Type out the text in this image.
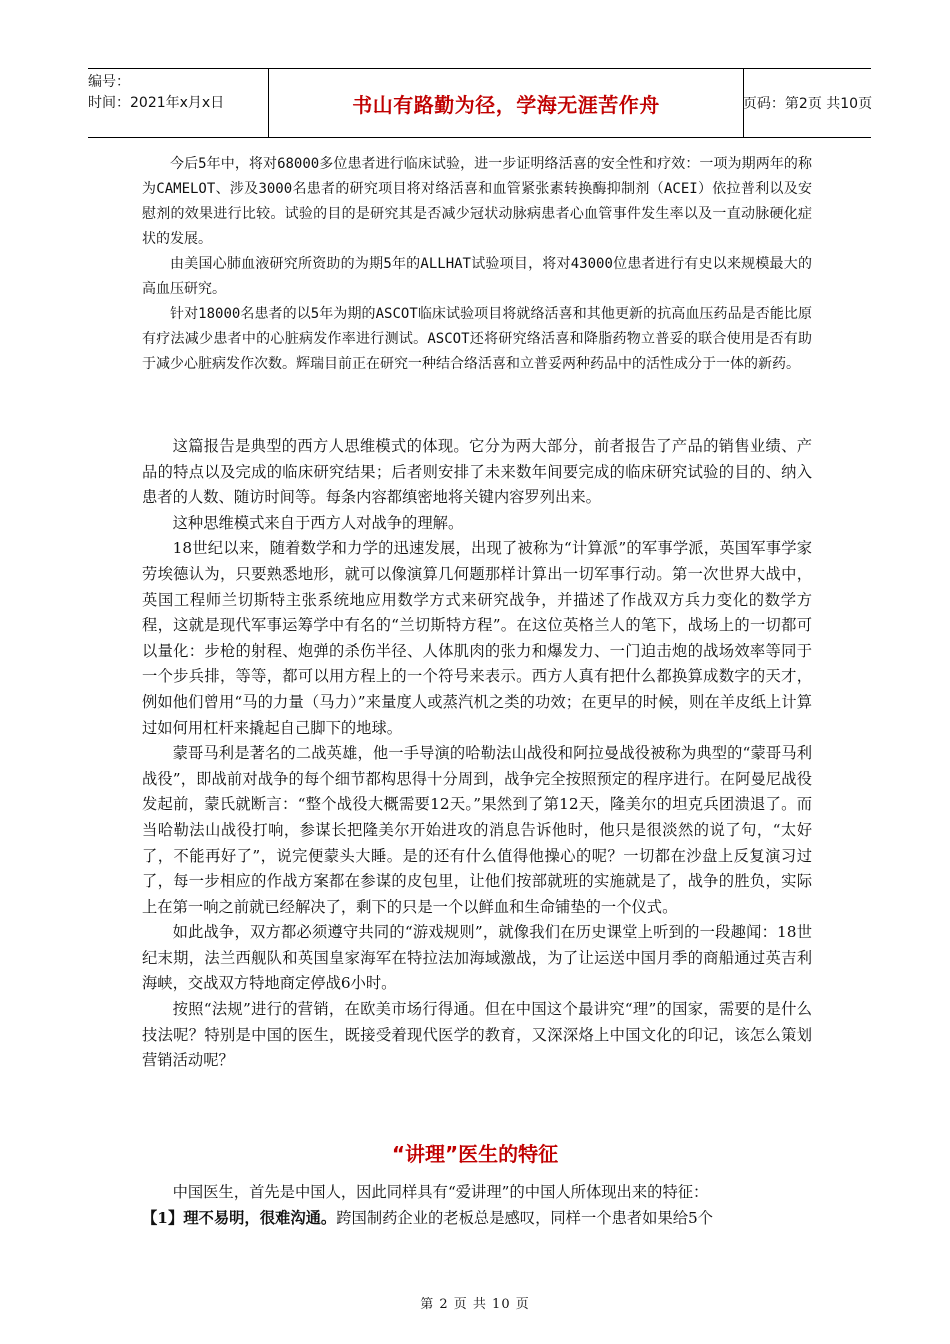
编号：
时间：2021年x月x日	书山有路勤为径，学海无涯苦作舟	页码：第2页 共10页

今后5年中，将对68000多位患者进行临床试验，进一步证明络活喜的安全性和疗效：一项为期两年的称为CAMELOT、涉及3000名患者的研究项目将对络活喜和血管紧张素转换酶抑制剂（ACEI）依拉普利以及安慰剂的效果进行比较。试验的目的是研究其是否减少冠状动脉病患者心血管事件发生率以及一直动脉硬化症状的发展。

由美国心肺血液研究所资助的为期5年的ALLHAT试验项目，将对43000位患者进行有史以来规模最大的高血压研究。

针对18000名患者的以5年为期的ASCOT临床试验项目将就络活喜和其他更新的抗高血压药品是否能比原有疗法减少患者中的心脏病发作率进行测试。ASCOT还将研究络活喜和降脂药物立普妥的联合使用是否有助于减少心脏病发作次数。辉瑞目前正在研究一种结合络活喜和立普妥两种药品中的活性成分于一体的新药。

这篇报告是典型的西方人思维模式的体现。它分为两大部分，前者报告了产品的销售业绩、产品的特点以及完成的临床研究结果；后者则安排了未来数年间要完成的临床研究试验的目的、纳入患者的人数、随访时间等。每条内容都缜密地将关键内容罗列出来。

这种思维模式来自于西方人对战争的理解。

18世纪以来，随着数学和力学的迅速发展，出现了被称为“计算派”的军事学派，英国军事学家劳埃德认为，只要熟悉地形，就可以像演算几何题那样计算出一切军事行动。第一次世界大战中，英国工程师兰切斯特主张系统地应用数学方式来研究战争，并描述了作战双方兵力变化的数学方程，这就是现代军事运筹学中有名的“兰切斯特方程”。在这位英格兰人的笔下，战场上的一切都可以量化：步枪的射程、炮弹的杀伤半径、人体肌肉的张力和爆发力、一门迫击炮的战场效率等同于一个步兵排，等等，都可以用方程上的一个符号来表示。西方人真有把什么都换算成数字的天才，例如他们曾用“马的力量（马力）”来量度人或蒸汽机之类的功效；在更早的时候，则在羊皮纸上计算过如何用杠杆来撬起自己脚下的地球。

蒙哥马利是著名的二战英雄，他一手导演的哈勒法山战役和阿拉曼战役被称为典型的“蒙哥马利战役”，即战前对战争的每个细节都构思得十分周到，战争完全按照预定的程序进行。在阿曼尼战役发起前，蒙氏就断言：“整个战役大概需要12天。”果然到了第12天，隆美尔的坦克兵团溃退了。而当哈勒法山战役打响，参谋长把隆美尔开始进攻的消息告诉他时，他只是很淡然的说了句，“太好了，不能再好了”，说完便蒙头大睡。是的还有什么值得他操心的呢？一切都在沙盘上反复演习过了，每一步相应的作战方案都在参谋的皮包里，让他们按部就班的实施就是了，战争的胜负，实际上在第一响之前就已经解决了，剩下的只是一个以鲜血和生命铺垫的一个仪式。

如此战争，双方都必须遵守共同的“游戏规则”，就像我们在历史课堂上听到的一段趣闻：18世纪末期，法兰西舰队和英国皇家海军在特拉法加海域激战，为了让运送中国月季的商船通过英吉利海峡，交战双方特地商定停战6小时。

按照“法规”进行的营销，在欧美市场行得通。但在中国这个最讲究“理”的国家，需要的是什么技法呢？特别是中国的医生，既接受着现代医学的教育，又深深烙上中国文化的印记，该怎么策划营销活动呢？

“讲理”医生的特征

中国医生，首先是中国人，因此同样具有“爱讲理”的中国人所体现出来的特征：

【1】理不易明，很难沟通。跨国制药企业的老板总是感叹，同样一个患者如果给5个

第 2 页 共 10 页
